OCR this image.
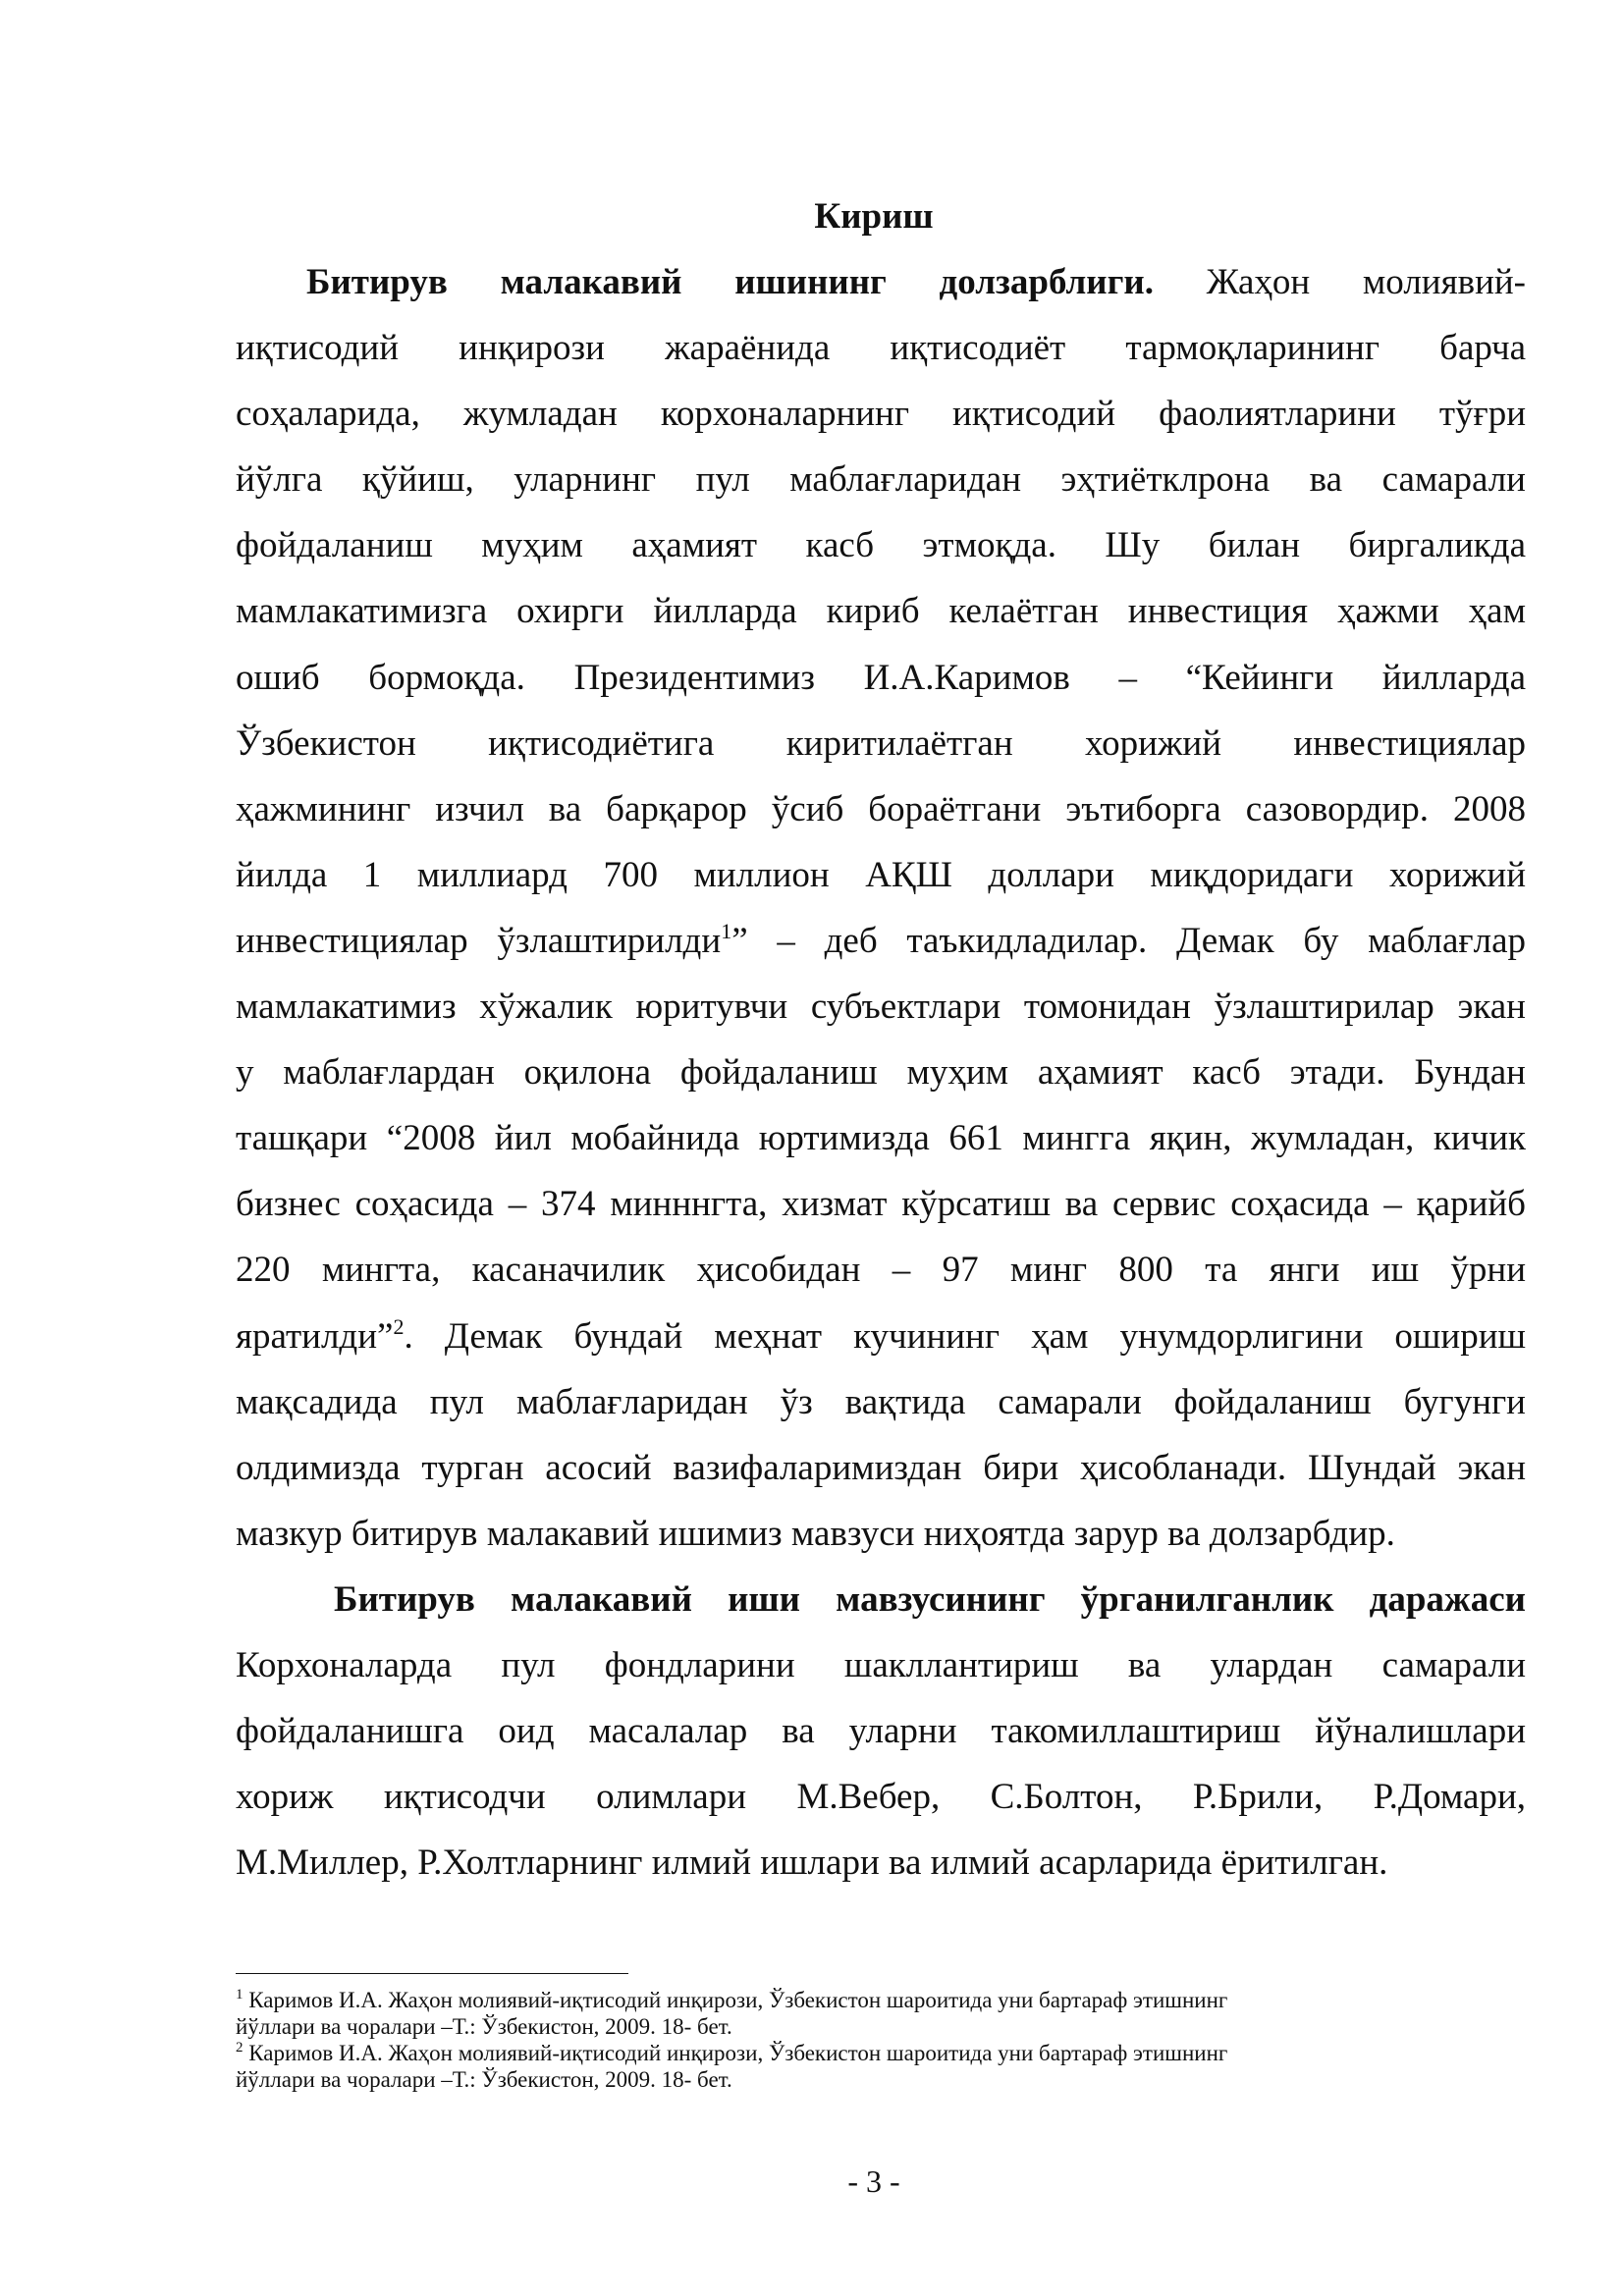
Кириш
Битирув малакавий ишининг долзарблиги. Жаҳон молиявий-
иқтисодий инқирози жараёнида иқтисодиёт тармоқларининг барча
соҳаларида, жумладан корхоналарнинг иқтисодий фаолиятларини тўғри
йўлга қўйиш, уларнинг пул маблағларидан эҳтиётклрона ва самарали
фойдаланиш муҳим аҳамият касб этмоқда. Шу билан биргаликда
мамлакатимизга охирги йилларда кириб келаётган инвестиция ҳажми ҳам
ошиб бормоқда. Президентимиз И.А.Каримов – “Кейинги йилларда
Ўзбекистон иқтисодиётига киритилаётган хорижий инвестициялар
ҳажмининг изчил ва барқарор ўсиб бораётгани эътиборга сазовордир. 2008
йилда 1 миллиард 700 миллион АҚШ доллари миқдоридаги хорижий
инвестициялар ўзлаштирилди$^1$” – деб таъкидладилар. Демак бу маблағлар
мамлакатимиз хўжалик юритувчи субъектлари томонидан ўзлаштирилар экан
у маблағлардан оқилона фойдаланиш муҳим аҳамият касб этади. Бундан
ташқари “2008 йил мобайнида юртимизда 661 мингга яқин, жумладан, кичик
бизнес соҳасида – 374 минннгта, хизмат кўрсатиш ва сервис соҳасида – қарийб
220 мингта, касаначилик ҳисобидан – 97 минг 800 та янги иш ўрни
яратилди”$^2$. Демак бундай меҳнат кучининг ҳам унумдорлигини ошириш
мақсадида пул маблағларидан ўз вақтида самарали фойдаланиш бугунги
олдимизда турган асосий вазифаларимиздан бири ҳисобланади. Шундай экан
мазкур битирув малакавий ишимиз мавзуси ниҳоятда зарур ва долзарбдир.
Битирув малакавий иши мавзусининг ўрганилганлик даражаси
Корхоналарда пул фондларини шакллантириш ва улардан самарали
фойдаланишга оид масалалар ва уларни такомиллаштириш йўналишлари
хориж иқтисодчи олимлари М.Вебер, С.Болтон, Р.Брили, Р.Домари,
М.Миллер, Р.Холтларнинг илмий ишлари ва илмий асарларида ёритилган.
$^1$ Каримов И.А. Жаҳон молиявий-иқтисодий инқирози, Ўзбекистон шароитида уни бартараф этишнинг
йўллари ва чоралари –Т.: Ўзбекистон, 2009. 18- бет.
$^2$ Каримов И.А. Жаҳон молиявий-иқтисодий инқирози, Ўзбекистон шароитида уни бартараф этишнинг
йўллари ва чоралари –Т.: Ўзбекистон, 2009. 18- бет.
- 3 -
